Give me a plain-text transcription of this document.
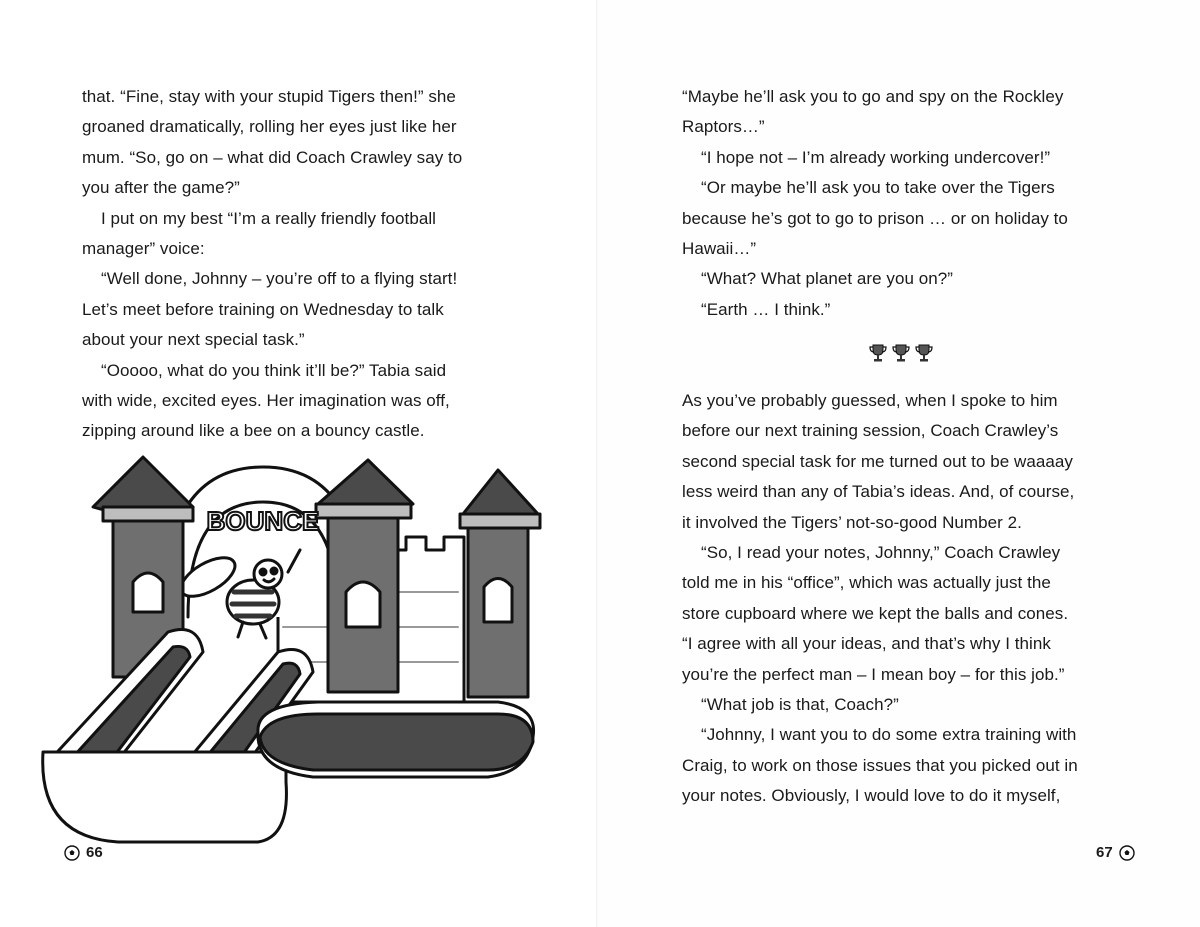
that. “Fine, stay with your stupid Tigers then!” she
groaned dramatically, rolling her eyes just like her
mum. “So, go on – what did Coach Crawley say to
you after the game?”
I put on my best “I’m a really friendly football
manager” voice:
“Well done, Johnny – you’re off to a flying start!
Let’s meet before training on Wednesday to talk
about your next special task.”
“Ooooo, what do you think it’ll be?” Tabia said
with wide, excited eyes. Her imagination was off,
zipping around like a bee on a bouncy castle.
BOUNCE
“Maybe he’ll ask you to go and spy on the Rockley
Raptors…”
“I hope not – I’m already working undercover!”
“Or maybe he’ll ask you to take over the Tigers
because he’s got to go to prison … or on holiday to
Hawaii…”
“What? What planet are you on?”
“Earth … I think.”
As you’ve probably guessed, when I spoke to him
before our next training session, Coach Crawley’s
second special task for me turned out to be waaaay
less weird than any of Tabia’s ideas. And, of course,
it involved the Tigers’ not-so-good Number 2.
“So, I read your notes, Johnny,” Coach Crawley
told me in his “office”, which was actually just the
store cupboard where we kept the balls and cones.
“I agree with all your ideas, and that’s why I think
you’re the perfect man – I mean boy – for this job.”
“What job is that, Coach?”
“Johnny, I want you to do some extra training with
Craig, to work on those issues that you picked out in
your notes. Obviously, I would love to do it myself,
66	67
